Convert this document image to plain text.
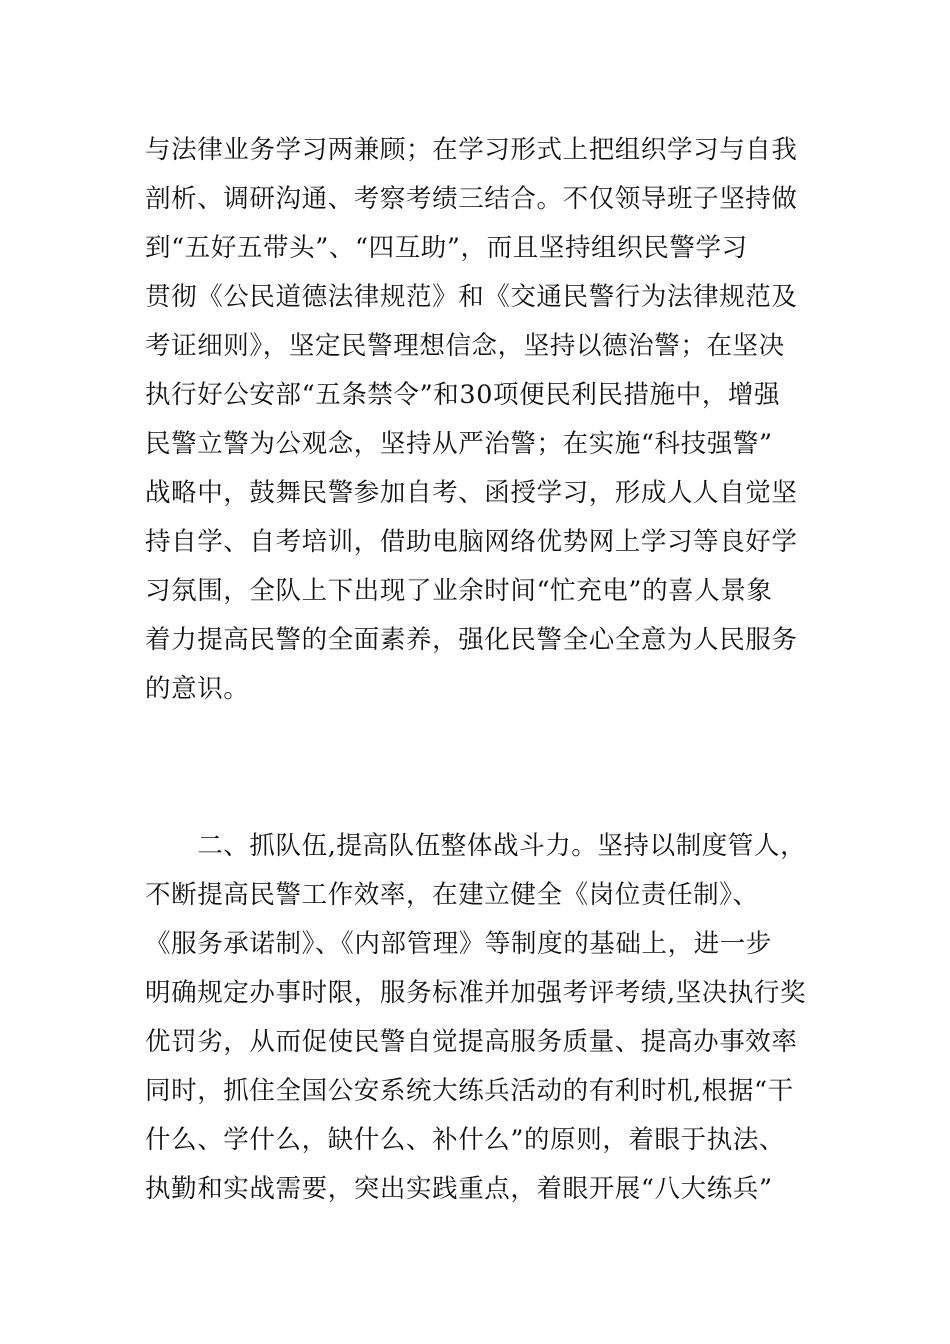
与法律业务学习两兼顾；在学习形式上把组织学习与自我
剖析、调研沟通、考察考绩三结合。不仅领导班子坚持做
到“五好五带头”、“四互助”，而且坚持组织民警学习
贯彻《公民道德法律规范》和《交通民警行为法律规范及
考证细则》，坚定民警理想信念，坚持以德治警；在坚决
执行好公安部“五条禁令”和30项便民利民措施中，增强
民警立警为公观念，坚持从严治警；在实施“科技强警”
战略中，鼓舞民警参加自考、函授学习，形成人人自觉坚
持自学、自考培训，借助电脑网络优势网上学习等良好学
习氛围，全队上下出现了业余时间“忙充电”的喜人景象
着力提高民警的全面素养，强化民警全心全意为人民服务
的意识。
　　二、抓队伍,提高队伍整体战斗力。坚持以制度管人，
不断提高民警工作效率，在建立健全《岗位责任制》、
《服务承诺制》、《内部管理》等制度的基础上，进一步
明确规定办事时限，服务标准并加强考评考绩,坚决执行奖
优罚劣，从而促使民警自觉提高服务质量、提高办事效率
同时，抓住全国公安系统大练兵活动的有利时机,根据“干
什么、学什么，缺什么、补什么”的原则，着眼于执法、
执勤和实战需要，突出实践重点，着眼开展“八大练兵”
